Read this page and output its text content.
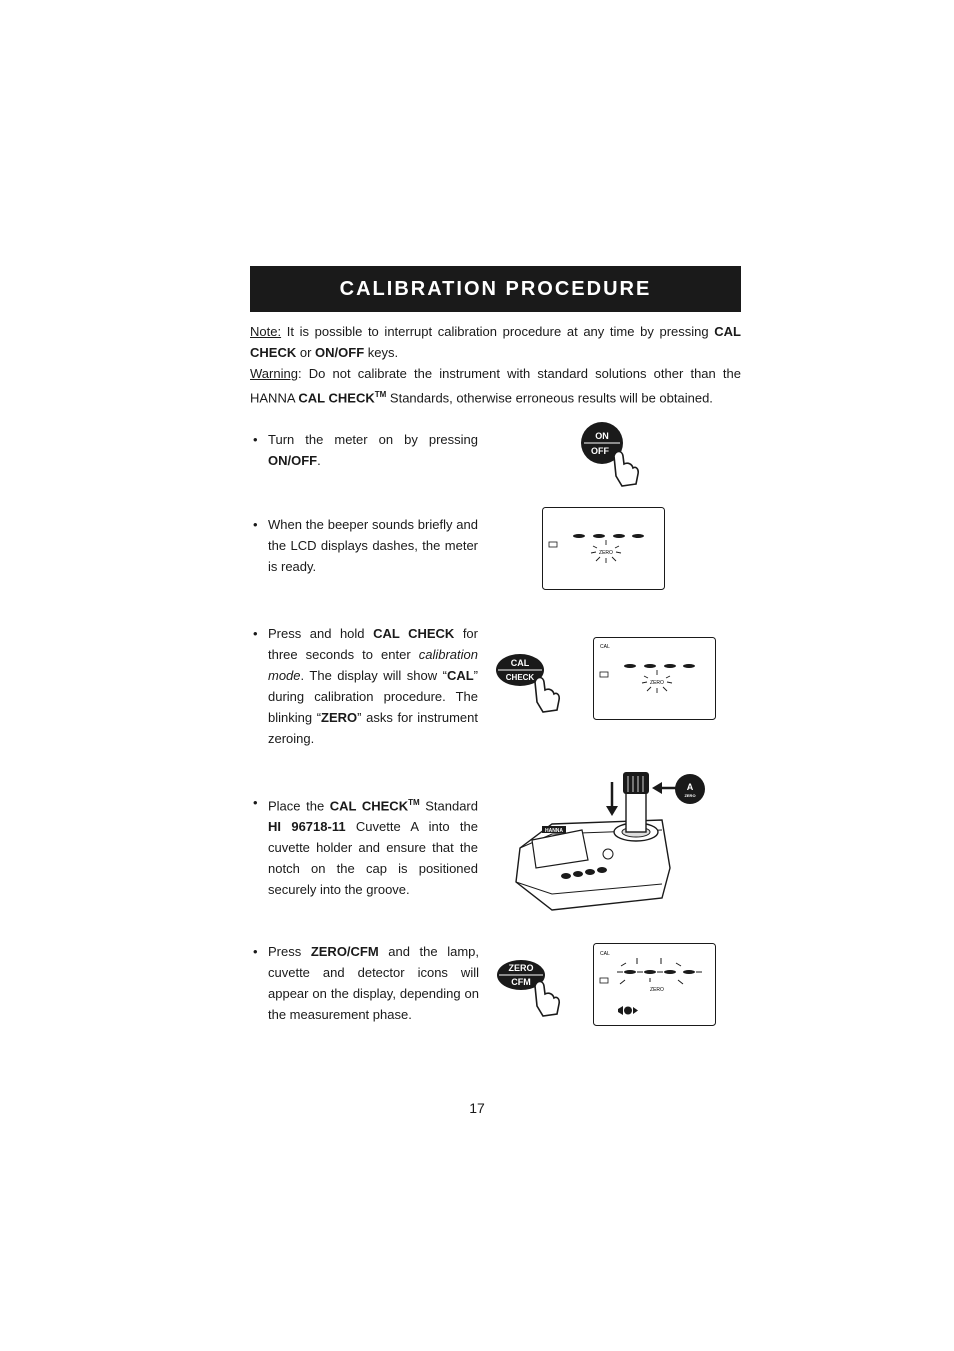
CALIBRATION PROCEDURE

Note: It is possible to interrupt calibration procedure at any time by pressing CAL CHECK or ON/OFF keys.

Warning: Do not calibrate the instrument with standard solutions other than the HANNA CAL CHECK™ Standards, otherwise erroneous results will be obtained.

• Turn the meter on by pressing ON/OFF.
• When the beeper sounds briefly and the LCD displays dashes, the meter is ready.
• Press and hold CAL CHECK for three seconds to enter calibration mode. The display will show “CAL” during calibration procedure. The blinking “ZERO” asks for instrument zeroing.
• Place the CAL CHECK™ Standard HI 96718-11 Cuvette A into the cuvette holder and ensure that the notch on the cap is positioned securely into the groove.
• Press ZERO/CFM and the lamp, cuvette and detector icons will appear on the display, depending on the measurement phase.
ON
OFF
ZERO
CAL
CHECK
CAL
ZERO
HANNA
A
ZERO
ZERO
CFM
CAL
ZERO
17
